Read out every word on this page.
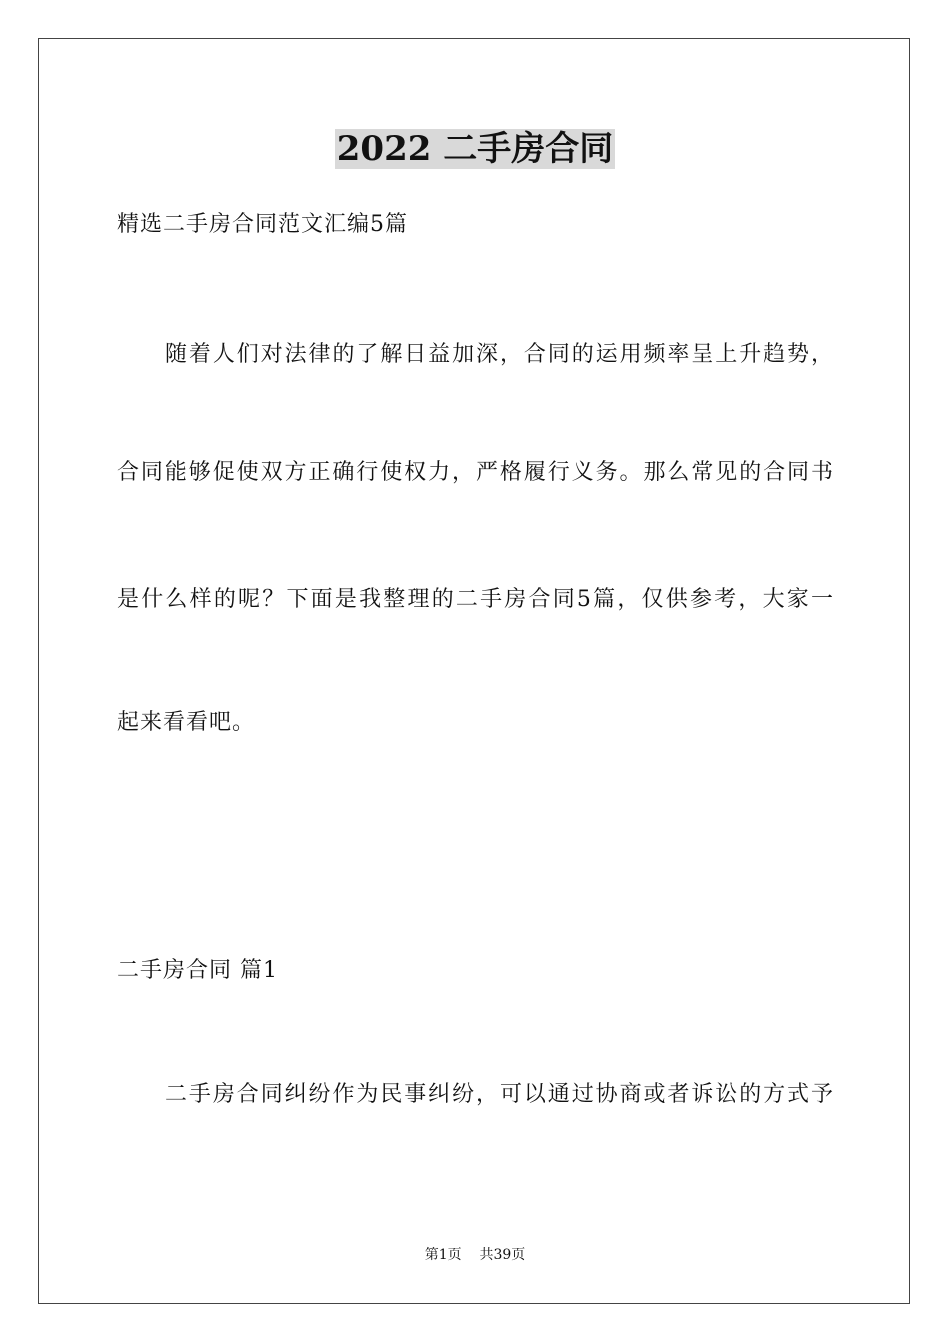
2022 二手房合同
精选二手房合同范文汇编5篇
随着人们对法律的了解日益加深，合同的运用频率呈上升趋势，
合同能够促使双方正确行使权力，严格履行义务。那么常见的合同书
是什么样的呢？下面是我整理的二手房合同5篇，仅供参考，大家一
起来看看吧。
二手房合同 篇1
二手房合同纠纷作为民事纠纷，可以通过协商或者诉讼的方式予
第1页    共39页
